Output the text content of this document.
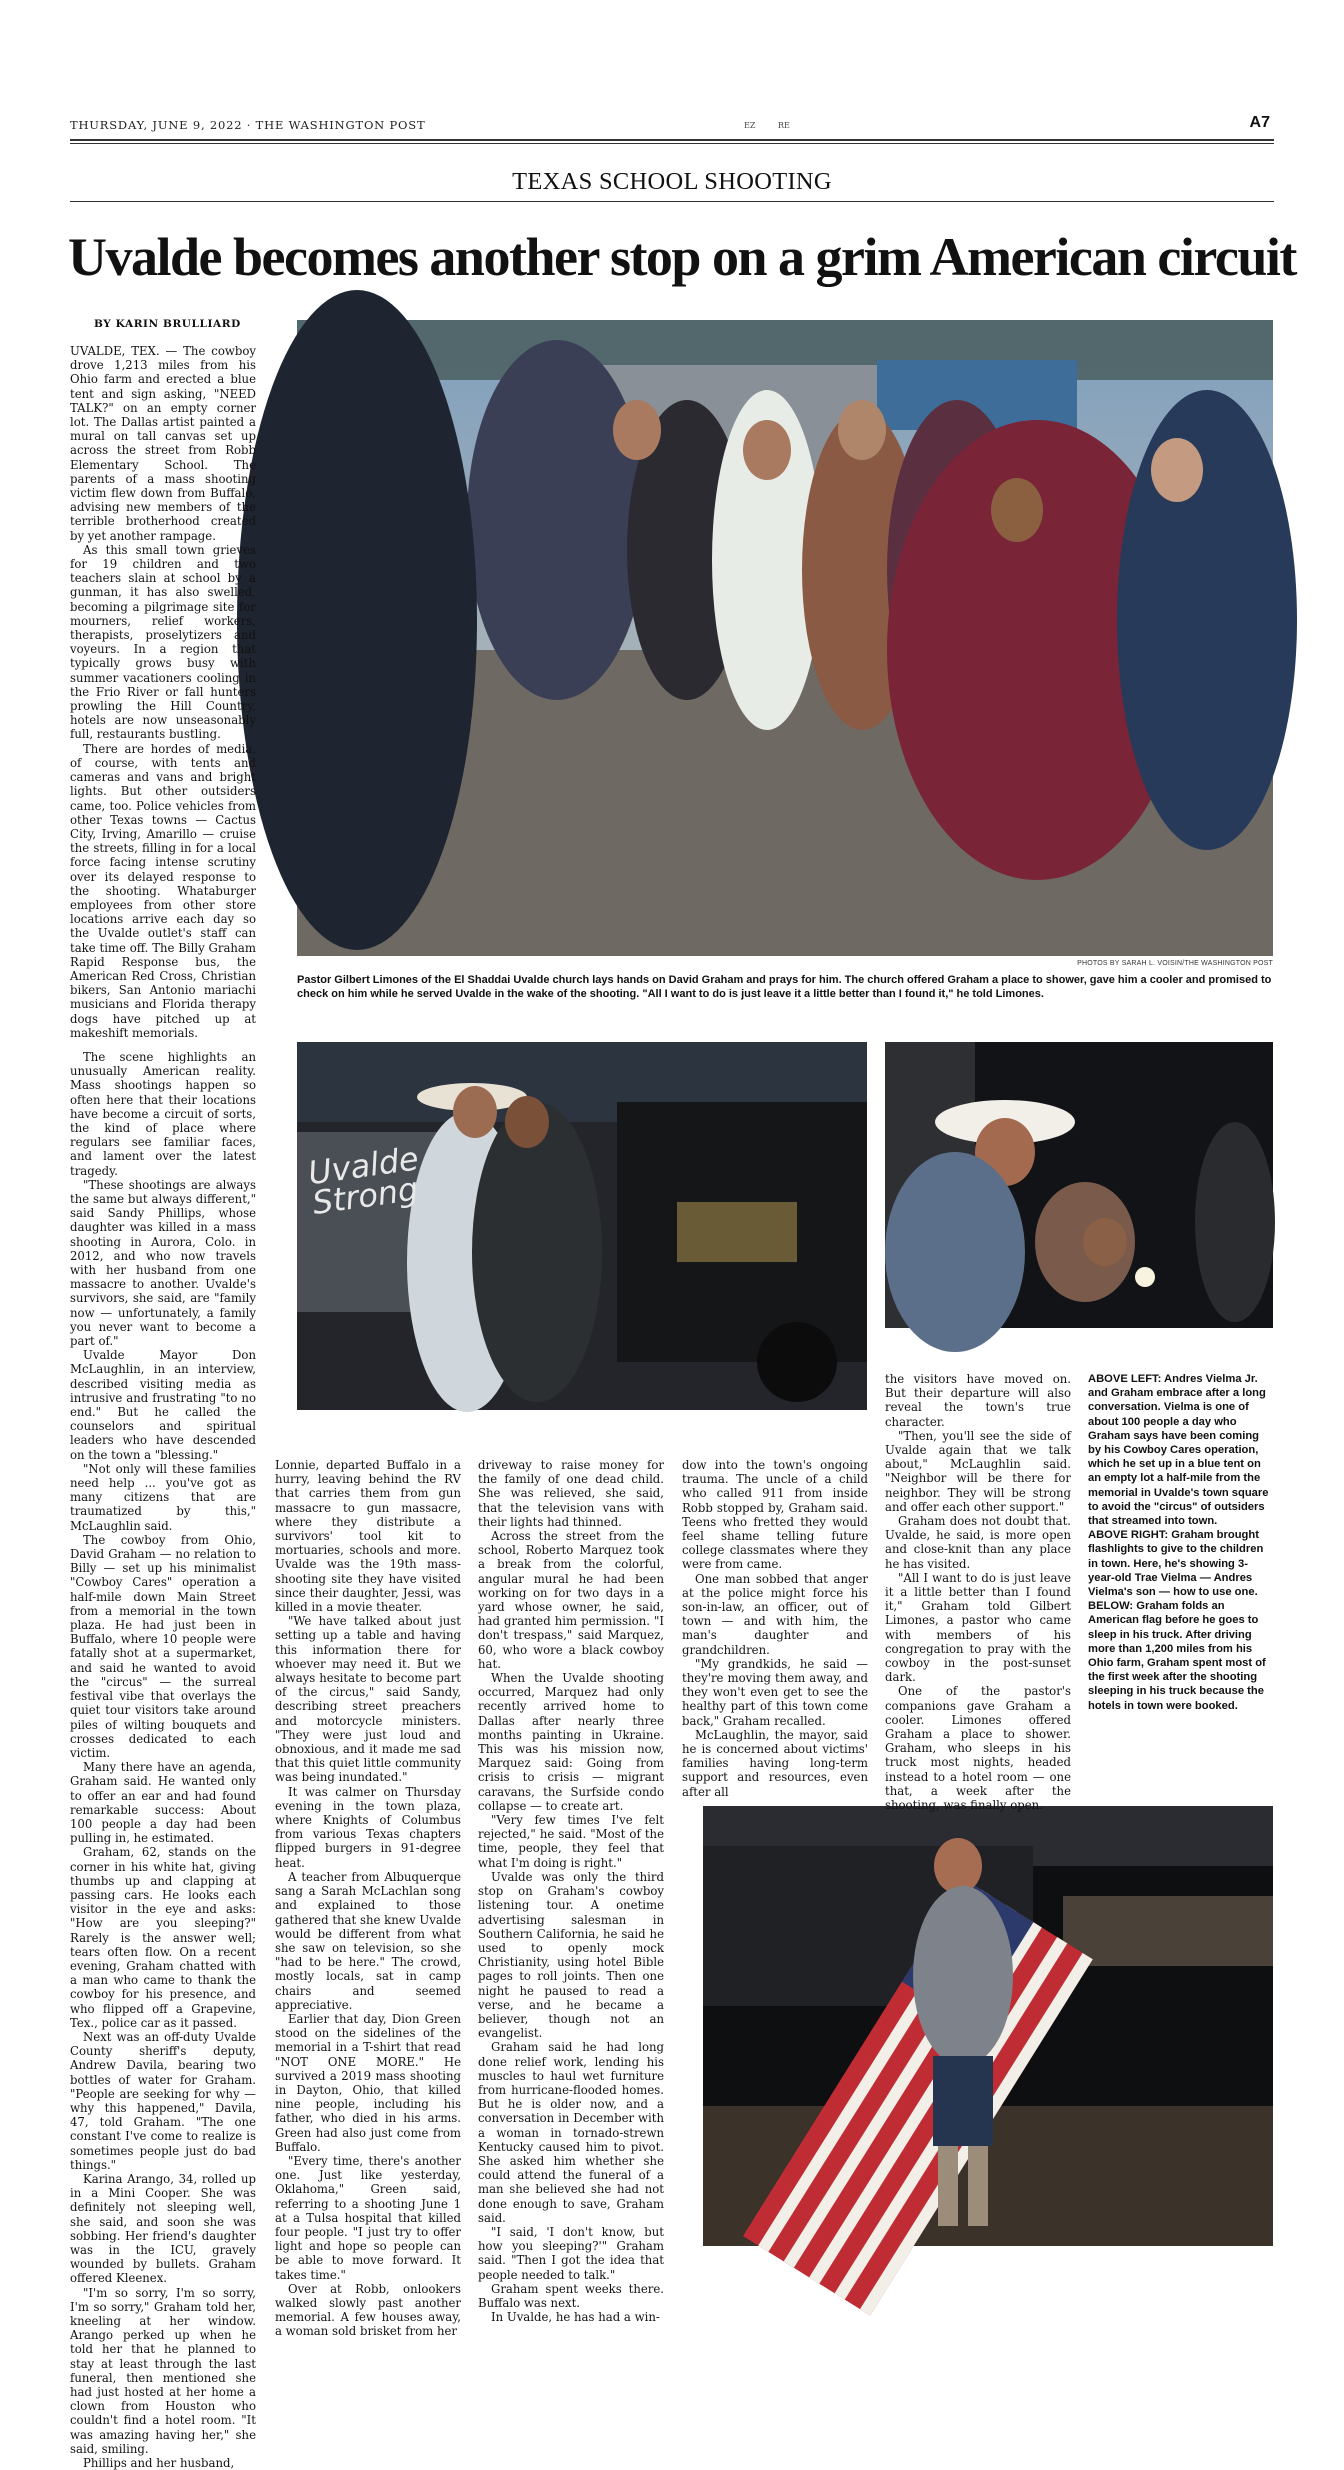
THURSDAY, JUNE 9, 2022 · THE WASHINGTON POST	EZ	RE	A7
TEXAS SCHOOL SHOOTING
Uvalde becomes another stop on a grim American circuit
BY KARIN BRULLIARD
PHOTOS BY SARAH L. VOISIN/THE WASHINGTON POST
Pastor Gilbert Limones of the El Shaddai Uvalde church lays hands on David Graham and prays for him. The church offered Graham a place to shower, gave him a cooler and promised to check on him while he served Uvalde in the wake of the shooting. "All I want to do is just leave it a little better than I found it," he told Limones.
Uvalde Strong

UVALDE, TEX. — The cowboy drove 1,213 miles from his Ohio farm and erected a blue tent and sign asking, "NEED TALK?" on an empty corner lot. The Dallas artist painted a mural on tall canvas set up across the street from Robb Elementary School. The parents of a mass shooting victim flew down from Buffalo, advising new members of the terrible brotherhood created by yet another rampage.

As this small town grieves for 19 children and two teachers slain at school by a gunman, it has also swelled, becoming a pilgrimage site for mourners, relief workers, therapists, proselytizers and voyeurs. In a region that typically grows busy with summer vacationers cooling in the Frio River or fall hunters prowling the Hill Country, hotels are now unseasonably full, restaurants bustling.

There are hordes of media, of course, with tents and cameras and vans and bright lights. But other outsiders came, too. Police vehicles from other Texas towns — Cactus City, Irving, Amarillo — cruise the streets, filling in for a local force facing intense scrutiny over its delayed response to the shooting. Whataburger employees from other store locations arrive each day so the Uvalde outlet's staff can take time off. The Billy Graham Rapid Response bus, the American Red Cross, Christian bikers, San Antonio mariachi musicians and Florida therapy dogs have pitched up at makeshift memorials.

The scene highlights an unusually American reality. Mass shootings happen so often here that their locations have become a circuit of sorts, the kind of place where regulars see familiar faces, and lament over the latest tragedy.

"These shootings are always the same but always different," said Sandy Phillips, whose daughter was killed in a mass shooting in Aurora, Colo. in 2012, and who now travels with her husband from one massacre to another. Uvalde's survivors, she said, are "family now — unfortunately, a family you never want to become a part of."

Uvalde Mayor Don McLaughlin, in an interview, described visiting media as intrusive and frustrating "to no end." But he called the counselors and spiritual leaders who have descended on the town a "blessing."

"Not only will these families need help ... you've got as many citizens that are traumatized by this," McLaughlin said.

The cowboy from Ohio, David Graham — no relation to Billy — set up his minimalist "Cowboy Cares" operation a half-mile down Main Street from a memorial in the town plaza. He had just been in Buffalo, where 10 people were fatally shot at a supermarket, and said he wanted to avoid the "circus" — the surreal festival vibe that overlays the quiet tour visitors take around piles of wilting bouquets and crosses dedicated to each victim.

Many there have an agenda, Graham said. He wanted only to offer an ear and had found remarkable success: About 100 people a day had been pulling in, he estimated.

Graham, 62, stands on the corner in his white hat, giving thumbs up and clapping at passing cars. He looks each visitor in the eye and asks: "How are you sleeping?" Rarely is the answer well; tears often flow. On a recent evening, Graham chatted with a man who came to thank the cowboy for his presence, and who flipped off a Grapevine, Tex., police car as it passed.

Next was an off-duty Uvalde County sheriff's deputy, Andrew Davila, bearing two bottles of water for Graham. "People are seeking for why — why this happened," Davila, 47, told Graham. "The one constant I've come to realize is sometimes people just do bad things."

Karina Arango, 34, rolled up in a Mini Cooper. She was definitely not sleeping well, she said, and soon she was sobbing. Her friend's daughter was in the ICU, gravely wounded by bullets. Graham offered Kleenex.

"I'm so sorry, I'm so sorry, I'm so sorry," Graham told her, kneeling at her window. Arango perked up when he told her that he planned to stay at least through the last funeral, then mentioned she had just hosted at her home a clown from Houston who couldn't find a hotel room. "It was amazing having her," she said, smiling.

Phillips and her husband,

Lonnie, departed Buffalo in a hurry, leaving behind the RV that carries them from gun massacre to gun massacre, where they distribute a survivors' tool kit to mortuaries, schools and more. Uvalde was the 19th mass-shooting site they have visited since their daughter, Jessi, was killed in a movie theater.

"We have talked about just setting up a table and having this information there for whoever may need it. But we always hesitate to become part of the circus," said Sandy, describing street preachers and motorcycle ministers. "They were just loud and obnoxious, and it made me sad that this quiet little community was being inundated."

It was calmer on Thursday evening in the town plaza, where Knights of Columbus from various Texas chapters flipped burgers in 91-degree heat.

A teacher from Albuquerque sang a Sarah McLachlan song and explained to those gathered that she knew Uvalde would be different from what she saw on television, so she "had to be here." The crowd, mostly locals, sat in camp chairs and seemed appreciative.

Earlier that day, Dion Green stood on the sidelines of the memorial in a T-shirt that read "NOT ONE MORE." He survived a 2019 mass shooting in Dayton, Ohio, that killed nine people, including his father, who died in his arms. Green had also just come from Buffalo.

"Every time, there's another one. Just like yesterday, Oklahoma," Green said, referring to a shooting June 1 at a Tulsa hospital that killed four people. "I just try to offer light and hope so people can be able to move forward. It takes time."

Over at Robb, onlookers walked slowly past another memorial. A few houses away, a woman sold brisket from her

driveway to raise money for the family of one dead child. She was relieved, she said, that the television vans with their lights had thinned.

Across the street from the school, Roberto Marquez took a break from the colorful, angular mural he had been working on for two days in a yard whose owner, he said, had granted him permission. "I don't trespass," said Marquez, 60, who wore a black cowboy hat.

When the Uvalde shooting occurred, Marquez had only recently arrived home to Dallas after nearly three months painting in Ukraine. This was his mission now, Marquez said: Going from crisis to crisis — migrant caravans, the Surfside condo collapse — to create art.

"Very few times I've felt rejected," he said. "Most of the time, people, they feel that what I'm doing is right."

Uvalde was only the third stop on Graham's cowboy listening tour. A onetime advertising salesman in Southern California, he said he used to openly mock Christianity, using hotel Bible pages to roll joints. Then one night he paused to read a verse, and he became a believer, though not an evangelist.

Graham said he had long done relief work, lending his muscles to haul wet furniture from hurricane-flooded homes. But he is older now, and a conversation in December with a woman in tornado-strewn Kentucky caused him to pivot. She asked him whether she could attend the funeral of a man she believed she had not done enough to save, Graham said.

"I said, 'I don't know, but how you sleeping?'" Graham said. "Then I got the idea that people needed to talk."

Graham spent weeks there. Buffalo was next.

In Uvalde, he has had a win-

dow into the town's ongoing trauma. The uncle of a child who called 911 from inside Robb stopped by, Graham said. Teens who fretted they would feel shame telling future college classmates where they were from came.

One man sobbed that anger at the police might force his son-in-law, an officer, out of town — and with him, the man's daughter and grandchildren.

"My grandkids, he said — they're moving them away, and they won't even get to see the healthy part of this town come back," Graham recalled.

McLaughlin, the mayor, said he is concerned about victims' families having long-term support and resources, even after all

the visitors have moved on. But their departure will also reveal the town's true character.

"Then, you'll see the side of Uvalde again that we talk about," McLaughlin said. "Neighbor will be there for neighbor. They will be strong and offer each other support."

Graham does not doubt that. Uvalde, he said, is more open and close-knit than any place he has visited.

"All I want to do is just leave it a little better than I found it," Graham told Gilbert Limones, a pastor who came with members of his congregation to pray with the cowboy in the post-sunset dark.

One of the pastor's companions gave Graham a cooler. Limones offered Graham a place to shower. Graham, who sleeps in his truck most nights, headed instead to a hotel room — one that, a week after the shooting, was finally open.

ABOVE LEFT: Andres Vielma Jr. and Graham embrace after a long conversation. Vielma is one of about 100 people a day who Graham says have been coming by his Cowboy Cares operation, which he set up in a blue tent on an empty lot a half-mile from the memorial in Uvalde's town square to avoid the "circus" of outsiders that streamed into town.
ABOVE RIGHT: Graham brought flashlights to give to the children in town. Here, he's showing 3-year-old Trae Vielma — Andres Vielma's son — how to use one.
BELOW: Graham folds an American flag before he goes to sleep in his truck. After driving more than 1,200 miles from his Ohio farm, Graham spent most of the first week after the shooting sleeping in his truck because the hotels in town were booked.
